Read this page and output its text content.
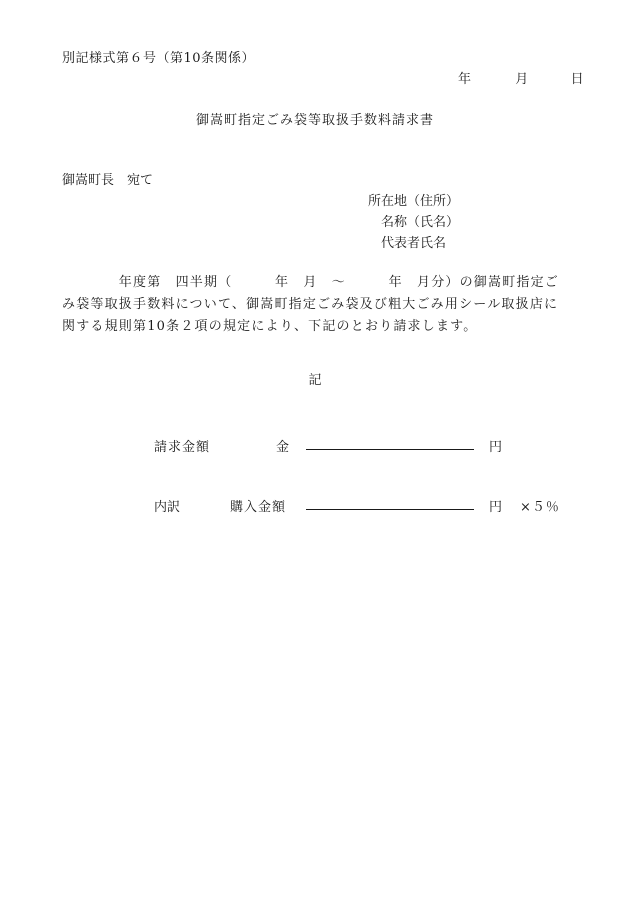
別記様式第６号（第10条関係）
年	月	日
御嵩町指定ごみ袋等取扱手数料請求書
御嵩町長　宛て
所在地（住所）
名称（氏名）
代表者氏名
　　　　年度第　四半期（　　　年　月　～　　　年　月分）の御嵩町指定ごみ袋等取扱手数料について、御嵩町指定ごみ袋及び粗大ごみ用シール取扱店に関する規則第10条２項の規定により、下記のとおり請求します。
記
請求金額	金	円
内訳	購入金額	円 ×５％
